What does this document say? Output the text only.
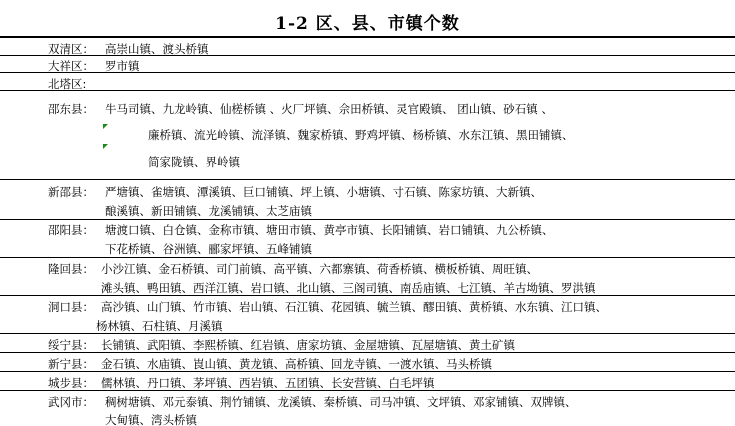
1-2 区、县、市镇个数
双清区： 高崇山镇、渡头桥镇
大祥区： 罗市镇
北塔区:
邵东县： 牛马司镇、九龙岭镇、仙槎桥镇 、火厂坪镇、佘田桥镇、灵官殿镇、 团山镇、砂石镇 、
廉桥镇、流光岭镇、流泽镇、魏家桥镇、野鸡坪镇、杨桥镇、水东江镇、黑田铺镇、
简家陇镇、界岭镇
新邵县： 严塘镇、雀塘镇、潭溪镇、巨口铺镇、坪上镇、小塘镇、寸石镇、陈家坊镇、大新镇、
酿溪镇、新田铺镇、龙溪铺镇、太芝庙镇
邵阳县： 塘渡口镇、白仓镇、金称市镇、塘田市镇、黄亭市镇、长阳铺镇、岩口铺镇、九公桥镇、
下花桥镇、谷洲镇、郦家坪镇、五峰铺镇
隆回县： 小沙江镇、金石桥镇、司门前镇、高平镇、六都寨镇、荷香桥镇、横板桥镇、周旺镇、
滩头镇、鸭田镇、西洋江镇、岩口镇、北山镇、三阁司镇、南岳庙镇、七江镇、羊古坳镇、罗洪镇
洞口县： 高沙镇、山门镇、竹市镇、岩山镇、石江镇、花园镇、毓兰镇、醪田镇、黄桥镇、水东镇、江口镇、
杨林镇、石柱镇、月溪镇
绥宁县： 长铺镇、武阳镇、李熙桥镇、红岩镇、唐家坊镇、金屋塘镇、瓦屋塘镇、黄土矿镇
新宁县： 金石镇、水庙镇、崀山镇、黄龙镇、高桥镇、回龙寺镇、一渡水镇、马头桥镇
城步县： 儒林镇、丹口镇、茅坪镇、西岩镇、五团镇、长安营镇、白毛坪镇
武冈市： 稠树塘镇、邓元泰镇、荆竹铺镇、龙溪镇、秦桥镇、司马冲镇、文坪镇、邓家铺镇、双牌镇、
大甸镇、湾头桥镇
